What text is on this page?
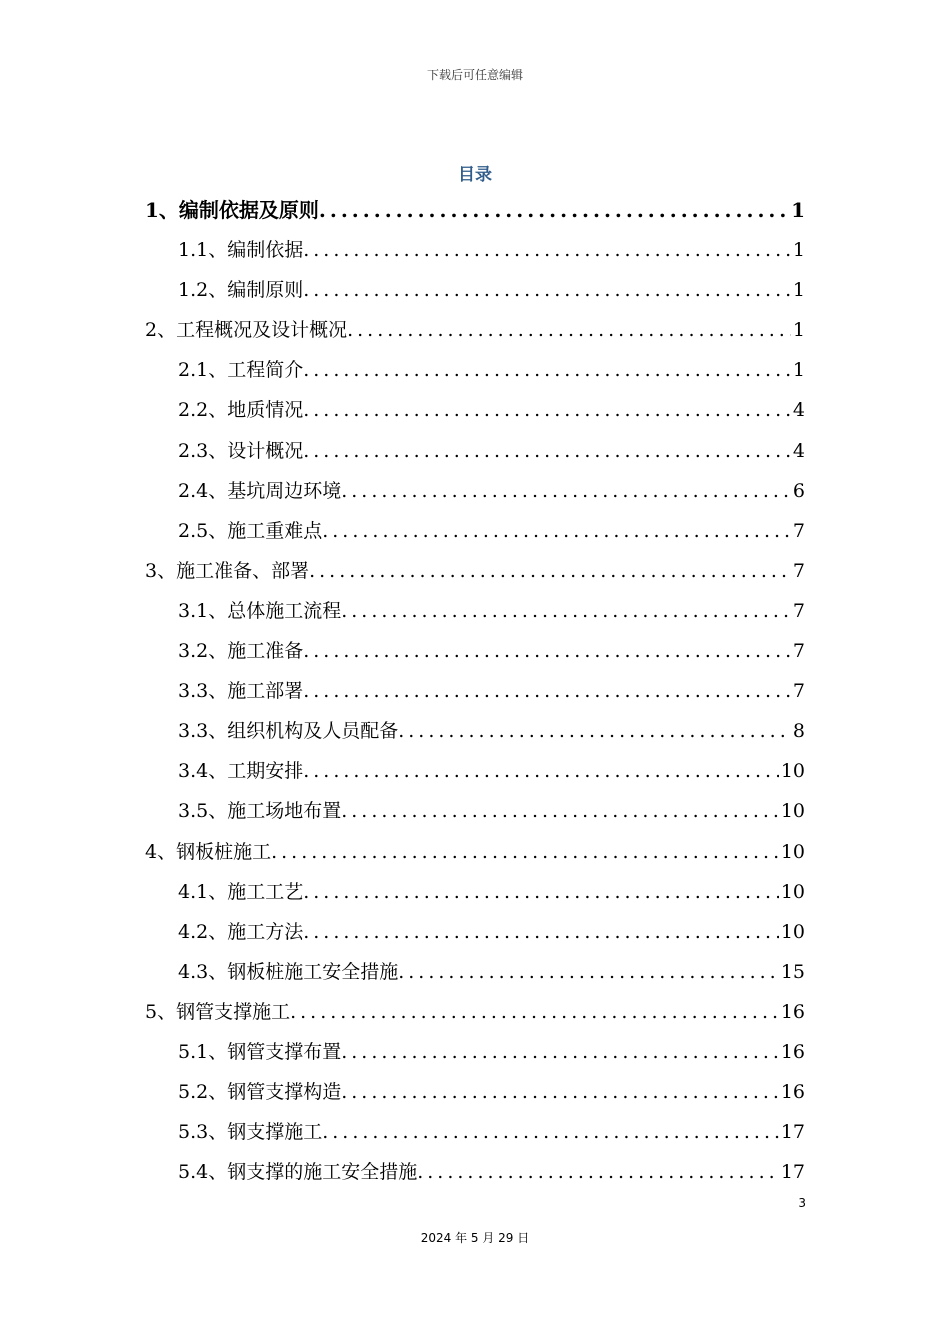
下载后可任意编辑
目录
1、编制依据及原则 .....	1
1.1、编制依据 .....	1
1.2、编制原则 .....	1
2、工程概况及设计概况 .....	1
2.1、工程简介 .....	1
2.2、地质情况 .....	4
2.3、设计概况 .....	4
2.4、基坑周边环境 .....	6
2.5、施工重难点 .....	7
3、施工准备、部署 .....	7
3.1、总体施工流程 .....	7
3.2、施工准备 .....	7
3.3、施工部署 .....	7
3.3、组织机构及人员配备 .....	8
3.4、工期安排 .....	10
3.5、施工场地布置 .....	10
4、钢板桩施工 .....	10
4.1、施工工艺 .....	10
4.2、施工方法 .....	10
4.3、钢板桩施工安全措施 .....	15
5、钢管支撑施工 .....	16
5.1、钢管支撑布置 .....	16
5.2、钢管支撑构造 .....	16
5.3、钢支撑施工 .....	17
5.4、钢支撑的施工安全措施 .....	17
3
2024 年 5 月 29 日
